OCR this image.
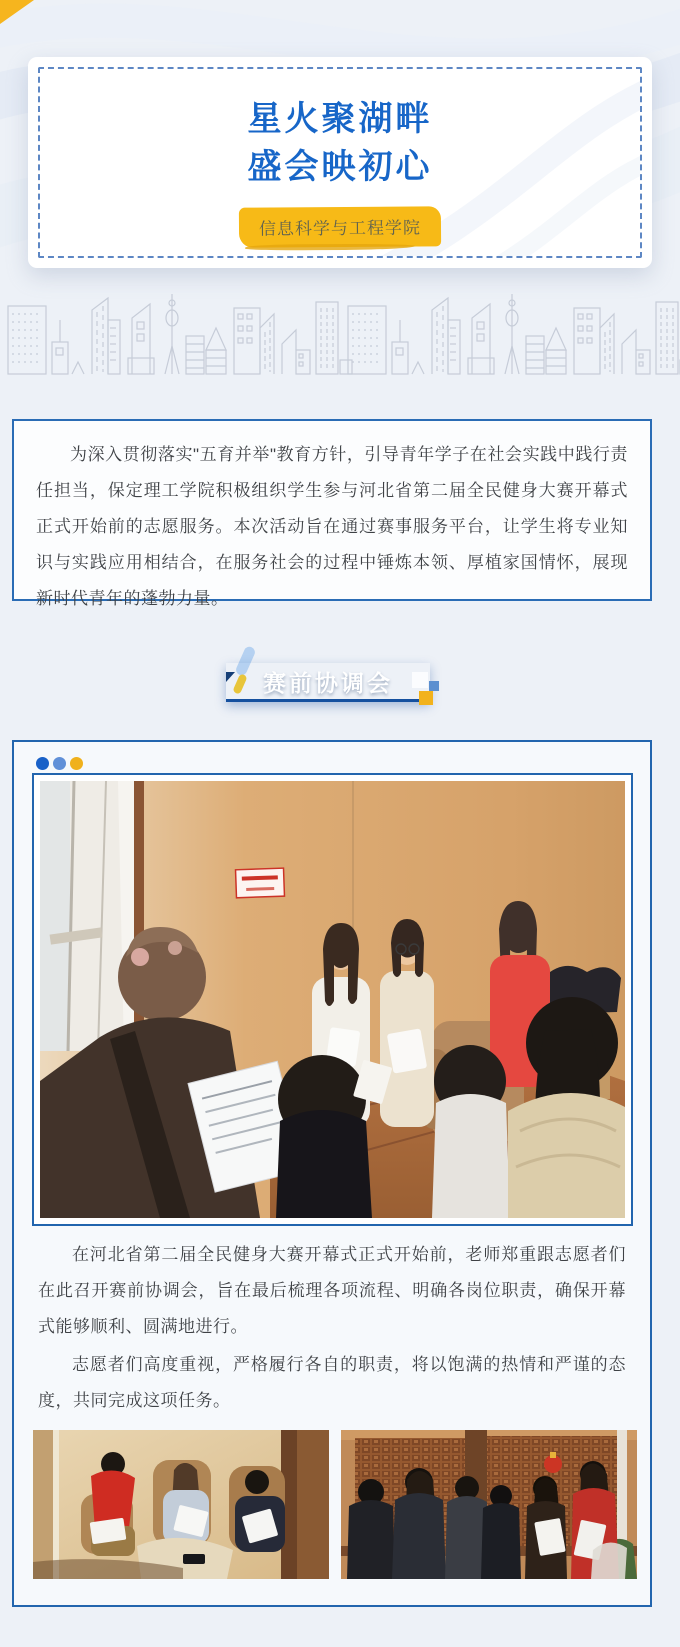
星火聚湖畔
盛会映初心
信息科学与工程学院

为深入贯彻落实"五育并举"教育方针，引导青年学子在社会实践中践行责任担当，保定理工学院积极组织学生参与河北省第二届全民健身大赛开幕式正式开始前的志愿服务。本次活动旨在通过赛事服务平台，让学生将专业知识与实践应用相结合，在服务社会的过程中锤炼本领、厚植家国情怀，展现新时代青年的蓬勃力量。

赛前协调会

在河北省第二届全民健身大赛开幕式正式开始前，老师郑重跟志愿者们在此召开赛前协调会，旨在最后梳理各项流程、明确各岗位职责，确保开幕式能够顺利、圆满地进行。

志愿者们高度重视，严格履行各自的职责，将以饱满的热情和严谨的态度，共同完成这项任务。
